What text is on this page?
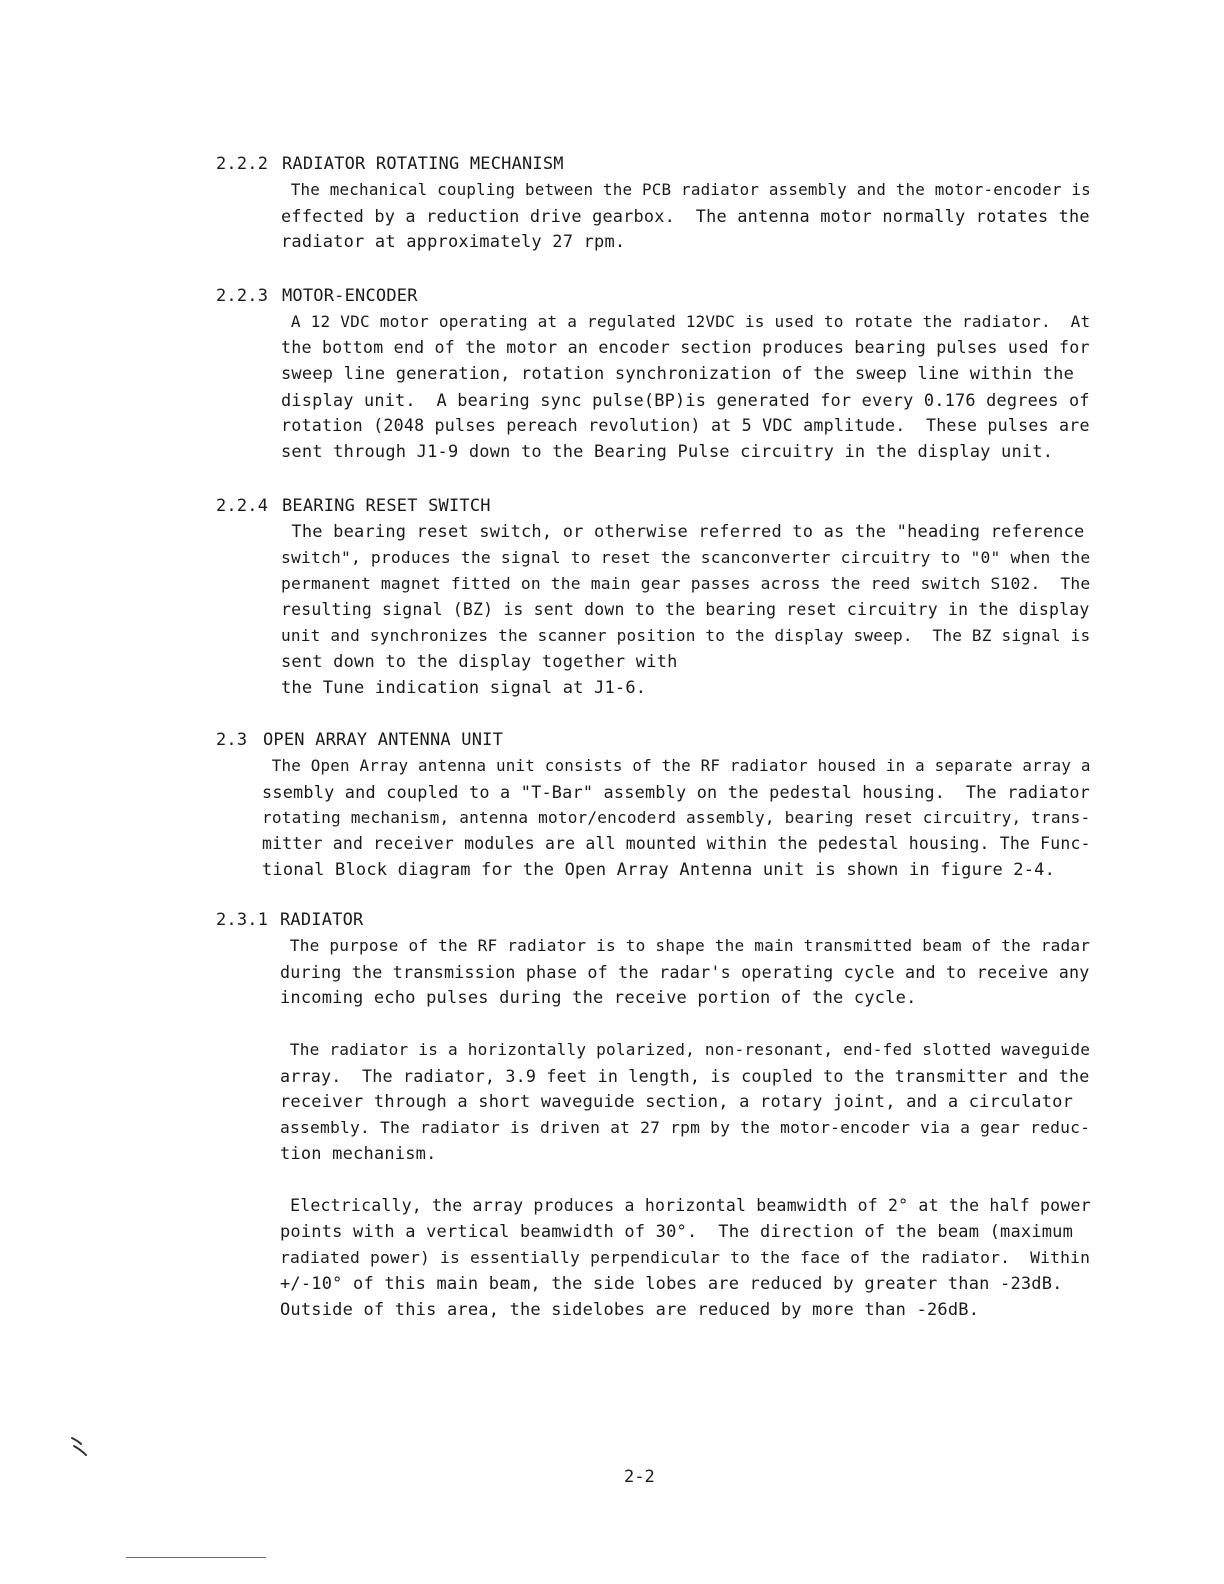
2.2.2 RADIATOR ROTATING MECHANISM
The mechanical coupling between the PCB radiator assembly and the motor-encoder is
effected by a reduction drive gearbox.  The antenna motor normally rotates the
radiator at approximately 27 rpm.
2.2.3 MOTOR-ENCODER
A 12 VDC motor operating at a regulated 12VDC is used to rotate the radiator.  At
the bottom end of the motor an encoder section produces bearing pulses used for
sweep line generation, rotation synchronization of the sweep line within the
display unit.  A bearing sync pulse(BP)is generated for every 0.176 degrees of
rotation (2048 pulses pereach revolution) at 5 VDC amplitude.  These pulses are
sent through J1-9 down to the Bearing Pulse circuitry in the display unit.
2.2.4 BEARING RESET SWITCH
The bearing reset switch, or otherwise referred to as the "heading reference
switch", produces the signal to reset the scanconverter circuitry to "0" when the
permanent magnet fitted on the main gear passes across the reed switch S102.  The
resulting signal (BZ) is sent down to the bearing reset circuitry in the display
unit and synchronizes the scanner position to the display sweep.  The BZ signal is
sent down to the display together with
the Tune indication signal at J1-6.
2.3 OPEN ARRAY ANTENNA UNIT
The Open Array antenna unit consists of the RF radiator housed in a separate array a
ssembly and coupled to a "T-Bar" assembly on the pedestal housing.  The radiator
rotating mechanism, antenna motor/encoderd assembly, bearing reset circuitry, trans-
mitter and receiver modules are all mounted within the pedestal housing. The Func-
tional Block diagram for the Open Array Antenna unit is shown in figure 2-4.
2.3.1 RADIATOR
The purpose of the RF radiator is to shape the main transmitted beam of the radar
during the transmission phase of the radar's operating cycle and to receive any
incoming echo pulses during the receive portion of the cycle.
The radiator is a horizontally polarized, non-resonant, end-fed slotted waveguide
array.  The radiator, 3.9 feet in length, is coupled to the transmitter and the
receiver through a short waveguide section, a rotary joint, and a circulator
assembly. The radiator is driven at 27 rpm by the motor-encoder via a gear reduc-
tion mechanism.
Electrically, the array produces a horizontal beamwidth of 2° at the half power
points with a vertical beamwidth of 30°.  The direction of the beam (maximum
radiated power) is essentially perpendicular to the face of the radiator.  Within
+/-10° of this main beam, the side lobes are reduced by greater than -23dB.
Outside of this area, the sidelobes are reduced by more than -26dB.
2-2
